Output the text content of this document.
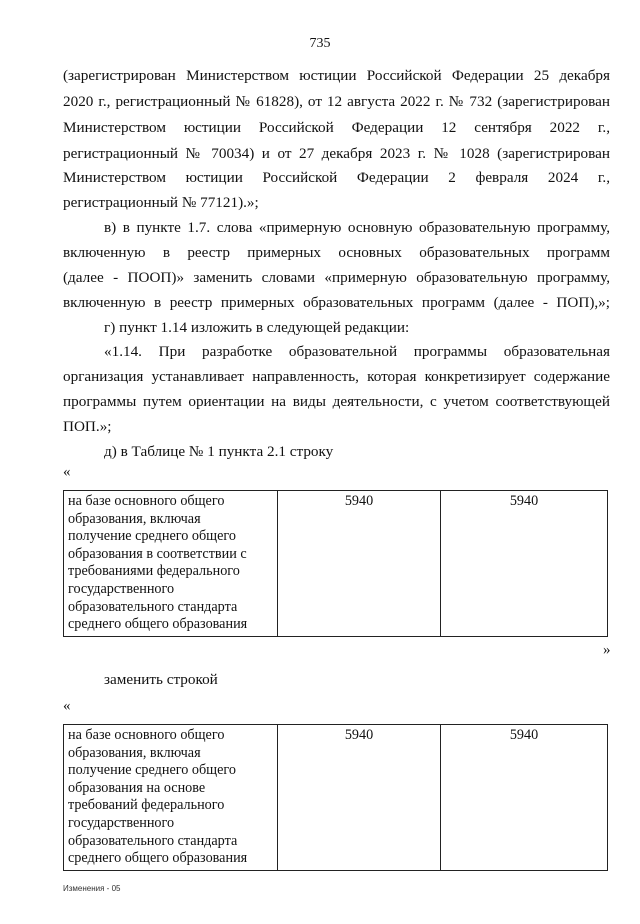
735
(зарегистрирован Министерством юстиции Российской Федерации 25 декабря
2020 г., регистрационный № 61828), от 12 августа 2022 г. № 732 (зарегистрирован
Министерством юстиции Российской Федерации 12 сентября 2022 г.,
регистрационный № 70034) и от 27 декабря 2023 г. № 1028 (зарегистрирован
Министерством юстиции Российской Федерации 2 февраля 2024 г.,
регистрационный № 77121).»;
в) в пункте 1.7. слова «примерную основную образовательную программу,
включенную в реестр примерных основных образовательных программ
(далее - ПООП)» заменить словами «примерную образовательную программу,
включенную в реестр примерных образовательных программ (далее - ПОП),»;
г) пункт 1.14 изложить в следующей редакции:
«1.14. При разработке образовательной программы образовательная
организация устанавливает направленность, которая конкретизирует содержание
программы путем ориентации на виды деятельности, с учетом соответствующей
ПОП.»;
д) в Таблице № 1 пункта 2.1 строку
«
на базе основного общего
образования, включая
получение среднего общего
образования в соответствии с
требованиями федерального
государственного
образовательного стандарта
среднего общего образования
	5940	5940
»
заменить строкой
«
на базе основного общего
образования, включая
получение среднего общего
образования на основе
требований федерального
государственного
образовательного стандарта
среднего общего образования
	5940	5940
Изменения - 05
